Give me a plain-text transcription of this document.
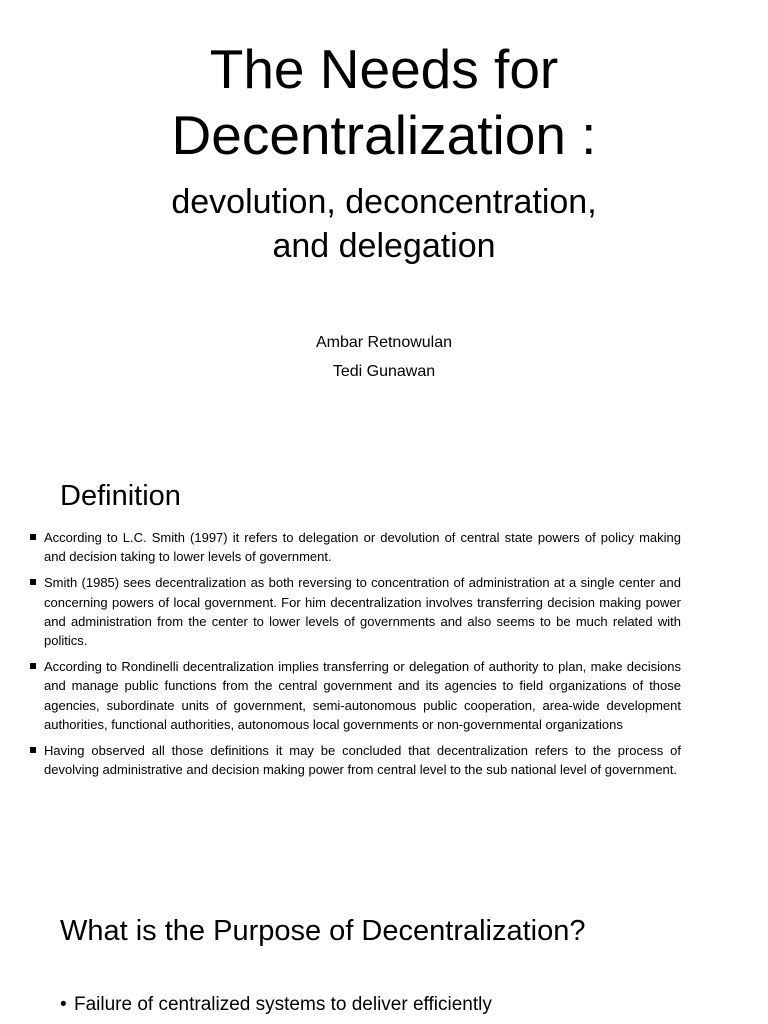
The Needs for
Decentralization :
devolution, deconcentration,
and delegation
Ambar Retnowulan
Tedi Gunawan
Definition
According to L.C. Smith (1997) it refers to delegation or devolution of central state powers of policy making and decision taking to lower levels of government.
Smith (1985) sees decentralization as both reversing to concentration of administration at a single center and concerning powers of local government. For him decentralization involves transferring decision making power and administration from the center to lower levels of governments and also seems to be much related with politics.
According to Rondinelli decentralization implies transferring or delegation of authority to plan, make decisions and manage public functions from the central government and its agencies to field organizations of those agencies, subordinate units of government, semi-autonomous public cooperation, area-wide development authorities, functional authorities, autonomous local governments or non-governmental organizations
Having observed all those definitions it may be concluded that decentralization refers to the process of devolving administrative and decision making power from central level to the sub national level of government.
What is the Purpose of Decentralization?
• Failure of centralized systems to deliver efficiently
